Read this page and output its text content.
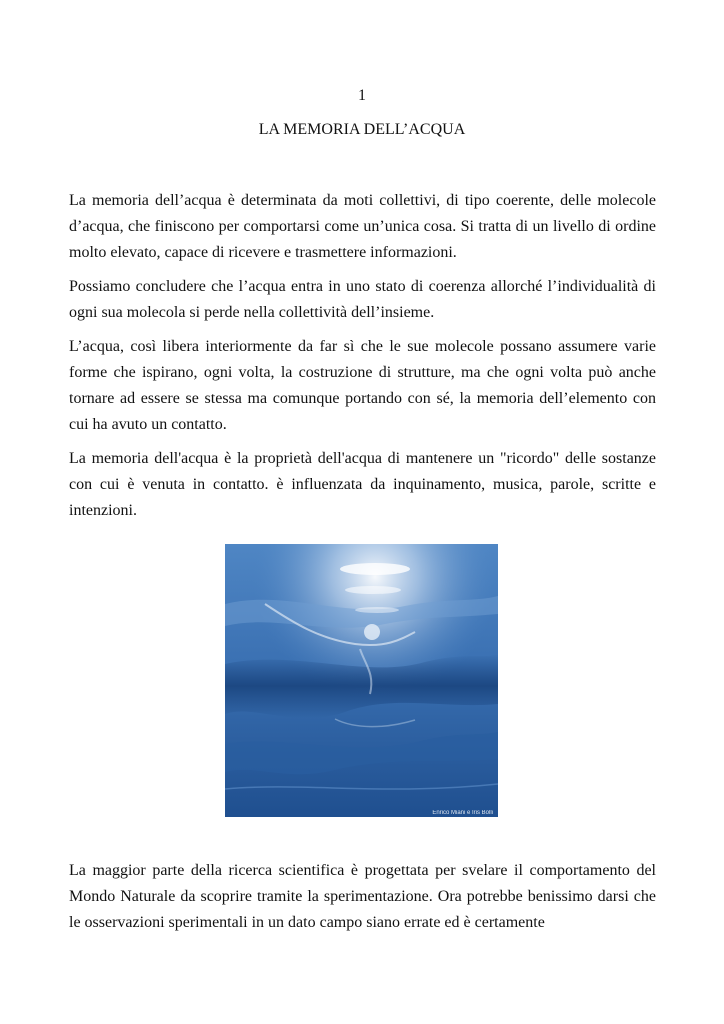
1
LA MEMORIA DELL’ACQUA

La memoria dell’acqua è determinata da moti collettivi, di tipo coerente, delle molecole d’acqua, che finiscono per comportarsi come un’unica cosa. Si tratta di un livello di ordine molto elevato, capace di ricevere e trasmettere informazioni.

Possiamo concludere che l’acqua entra in uno stato di coerenza allorché l’individualità di ogni sua molecola si perde nella collettività dell’insieme.

L’acqua, così libera interiormente da far sì che le sue molecole possano assumere varie forme che ispirano, ogni volta, la costruzione di strutture, ma che ogni volta può anche tornare ad essere se stessa ma comunque portando con sé, la memoria dell’elemento con cui ha avuto un contatto.

La memoria dell'acqua è la proprietà dell'acqua di mantenere un "ricordo" delle sostanze con cui è venuta in contatto. è influenzata da inquinamento, musica, parole, scritte e intenzioni.

Enrico Miani e Iris Bolli

La maggior parte della ricerca scientifica è progettata per svelare il comportamento del Mondo Naturale da scoprire tramite la sperimentazione. Ora potrebbe benissimo darsi che le osservazioni sperimentali in un dato campo siano errate ed è certamente
